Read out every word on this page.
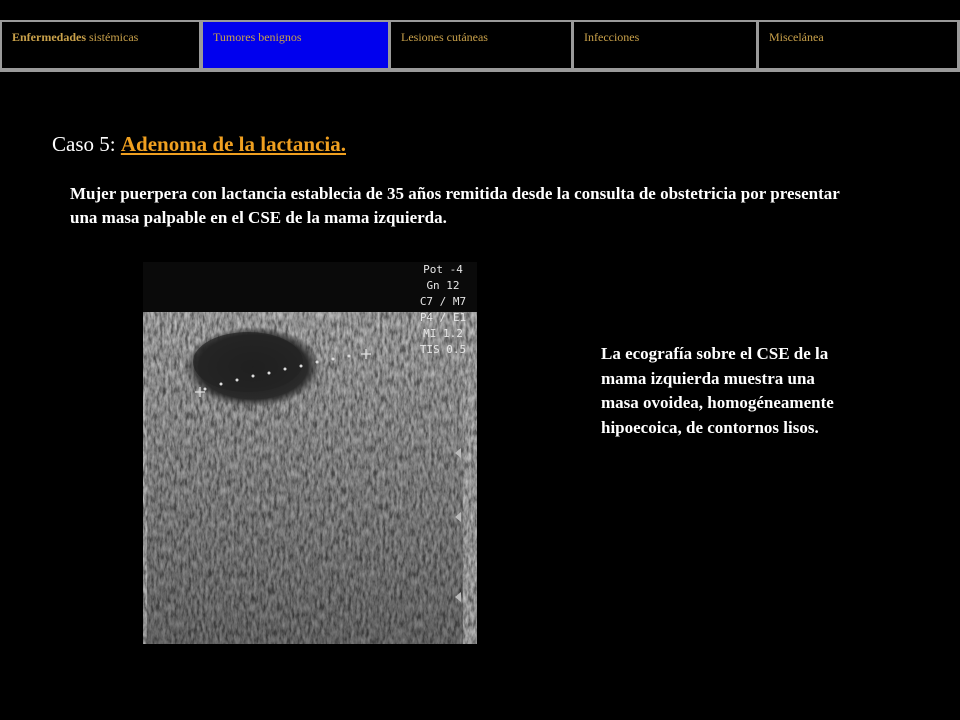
Enfermedades sistémicas	Tumores benignos	Lesiones cutáneas	Infecciones	Miscelánea
Caso 5: Adenoma de la lactancia.
Mujer puerpera con lactancia establecia de 35 años remitida desde la consulta de obstetricia por presentar una masa palpable en el CSE de la mama izquierda.
Pot -4
Gn 12
C7 / M7
P4 / E1
MI 1.2
TIS 0.5	La ecografía sobre el CSE de la mama izquierda muestra una masa ovoidea, homogéneamente hipoecoica, de contornos lisos.
